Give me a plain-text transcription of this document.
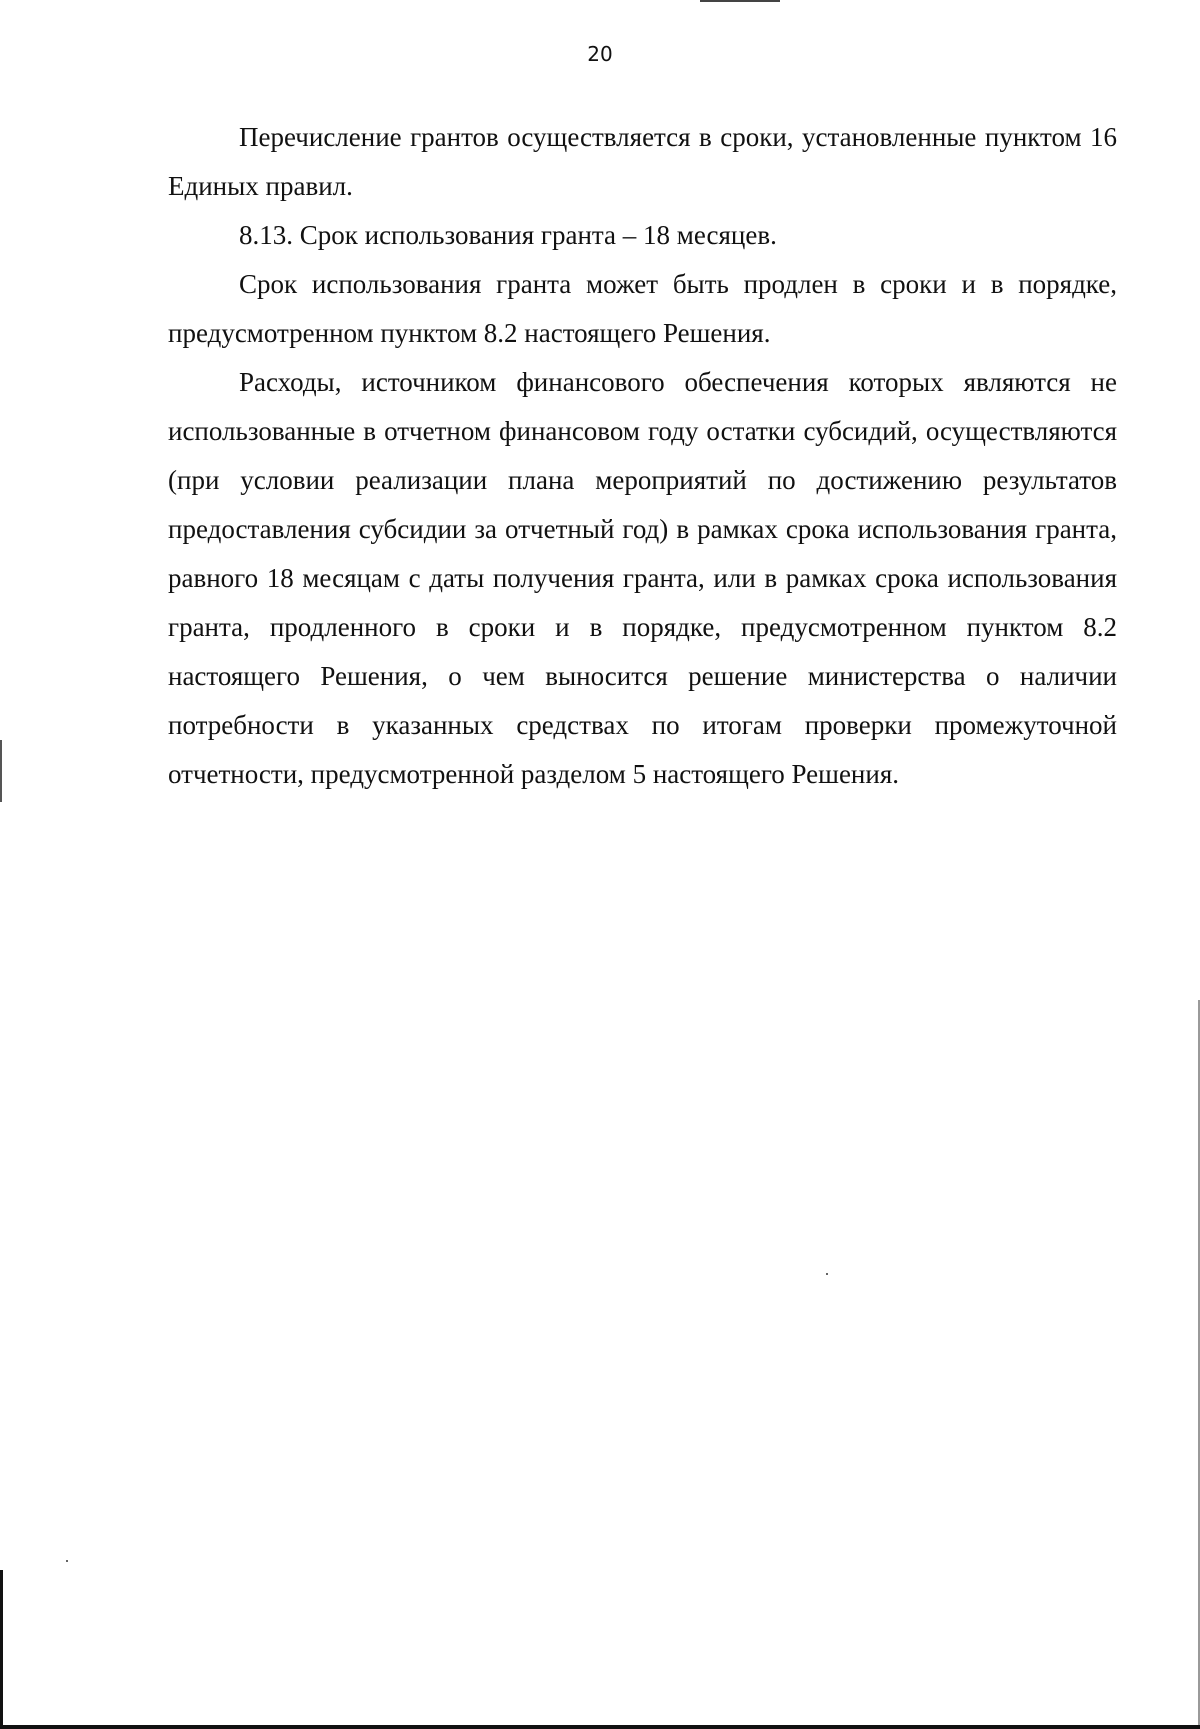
20

Перечисление грантов осуществляется в сроки, установленные пунктом 16 Единых правил.

8.13. Срок использования гранта – 18 месяцев.

Срок использования гранта может быть продлен в сроки и в порядке, предусмотренном пунктом 8.2 настоящего Решения.

Расходы, источником финансового обеспечения которых являются не использованные в отчетном финансовом году остатки субсидий, осуществляются (при условии реализации плана мероприятий по достижению результатов предоставления субсидии за отчетный год) в рамках срока использования гранта, равного 18 месяцам с даты получения гранта, или в рамках срока использования гранта, продленного в сроки и в порядке, предусмотренном пунктом 8.2 настоящего Решения, о чем выносится решение министерства о наличии потребности в указанных средствах по итогам проверки промежуточной отчетности, предусмотренной разделом 5 настоящего Решения.
